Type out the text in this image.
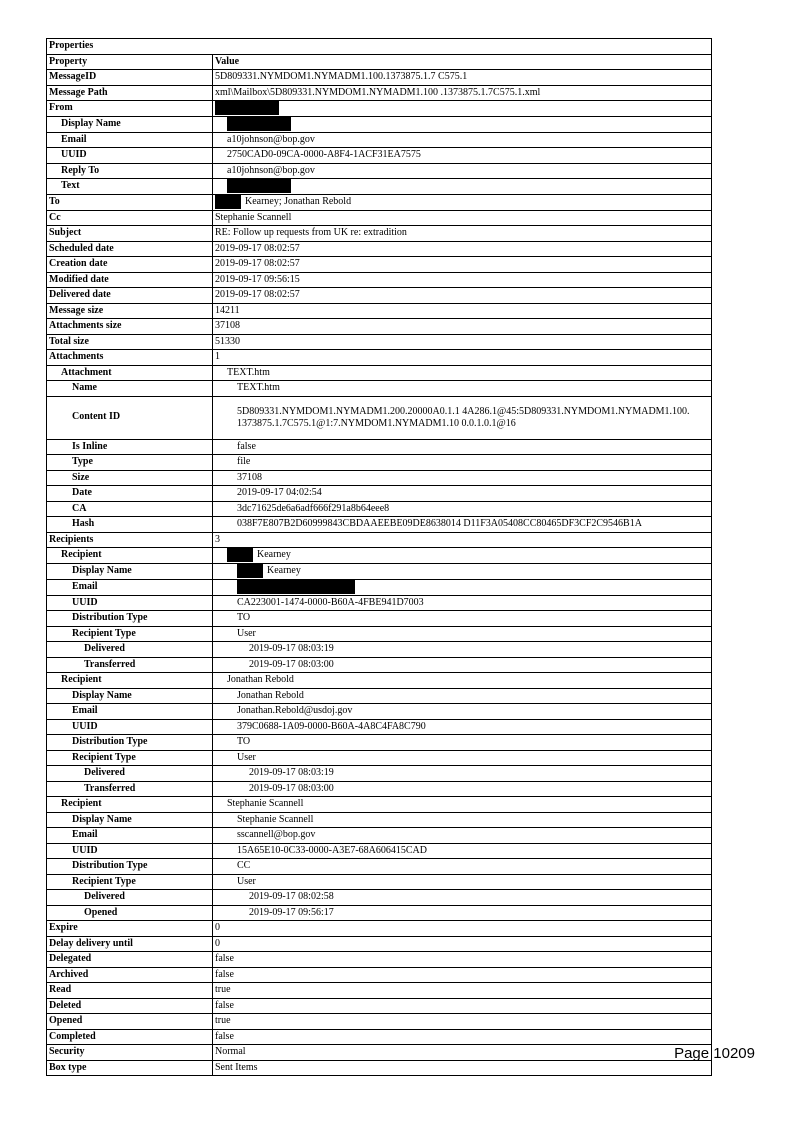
Properties	
Property	Value
MessageID	5D809331.NYMDOM1.NYMADM1.100.1373875.1.7 C575.1
Message Path	xml\Mailbox\5D809331.NYMDOM1.NYMADM1.100 .1373875.1.7C575.1.xml
From	
Display Name	
Email	a10johnson@bop.gov
UUID	2750CAD0-09CA-0000-A8F4-1ACF31EA7575
Reply To	a10johnson@bop.gov
Text	
To	Kearney; Jonathan Rebold
Cc	Stephanie Scannell
Subject	RE: Follow up requests from UK re: extradition
Scheduled date	2019-09-17 08:02:57
Creation date	2019-09-17 08:02:57
Modified date	2019-09-17 09:56:15
Delivered date	2019-09-17 08:02:57
Message size	14211
Attachments size	37108
Total size	51330
Attachments	1
Attachment	TEXT.htm
Name	TEXT.htm
Content ID	5D809331.NYMDOM1.NYMADM1.200.20000A0.1.1 4A286.1@45:5D809331.NYMDOM1.NYMADM1.100. 1373875.1.7C575.1@1:7.NYMDOM1.NYMADM1.10 0.0.1.0.1@16
Is Inline	false
Type	file
Size	37108
Date	2019-09-17 04:02:54
CA	3dc71625de6a6adf666f291a8b64eee8
Hash	038F7E807B2D60999843CBDAAEEBE09DE8638014 D11F3A05408CC80465DF3CF2C9546B1A
Recipients	3
Recipient	Kearney
Display Name	Kearney
Email	
UUID	CA223001-1474-0000-B60A-4FBE941D7003
Distribution Type	TO
Recipient Type	User
Delivered	2019-09-17 08:03:19
Transferred	2019-09-17 08:03:00
Recipient	Jonathan Rebold
Display Name	Jonathan Rebold
Email	Jonathan.Rebold@usdoj.gov
UUID	379C0688-1A09-0000-B60A-4A8C4FA8C790
Distribution Type	TO
Recipient Type	User
Delivered	2019-09-17 08:03:19
Transferred	2019-09-17 08:03:00
Recipient	Stephanie Scannell
Display Name	Stephanie Scannell
Email	sscannell@bop.gov
UUID	15A65E10-0C33-0000-A3E7-68A606415CAD
Distribution Type	CC
Recipient Type	User
Delivered	2019-09-17 08:02:58
Opened	2019-09-17 09:56:17
Expire	0
Delay delivery until	0
Delegated	false
Archived	false
Read	true
Deleted	false
Opened	true
Completed	false
Security	Normal
Box type	Sent Items
Page 10209
